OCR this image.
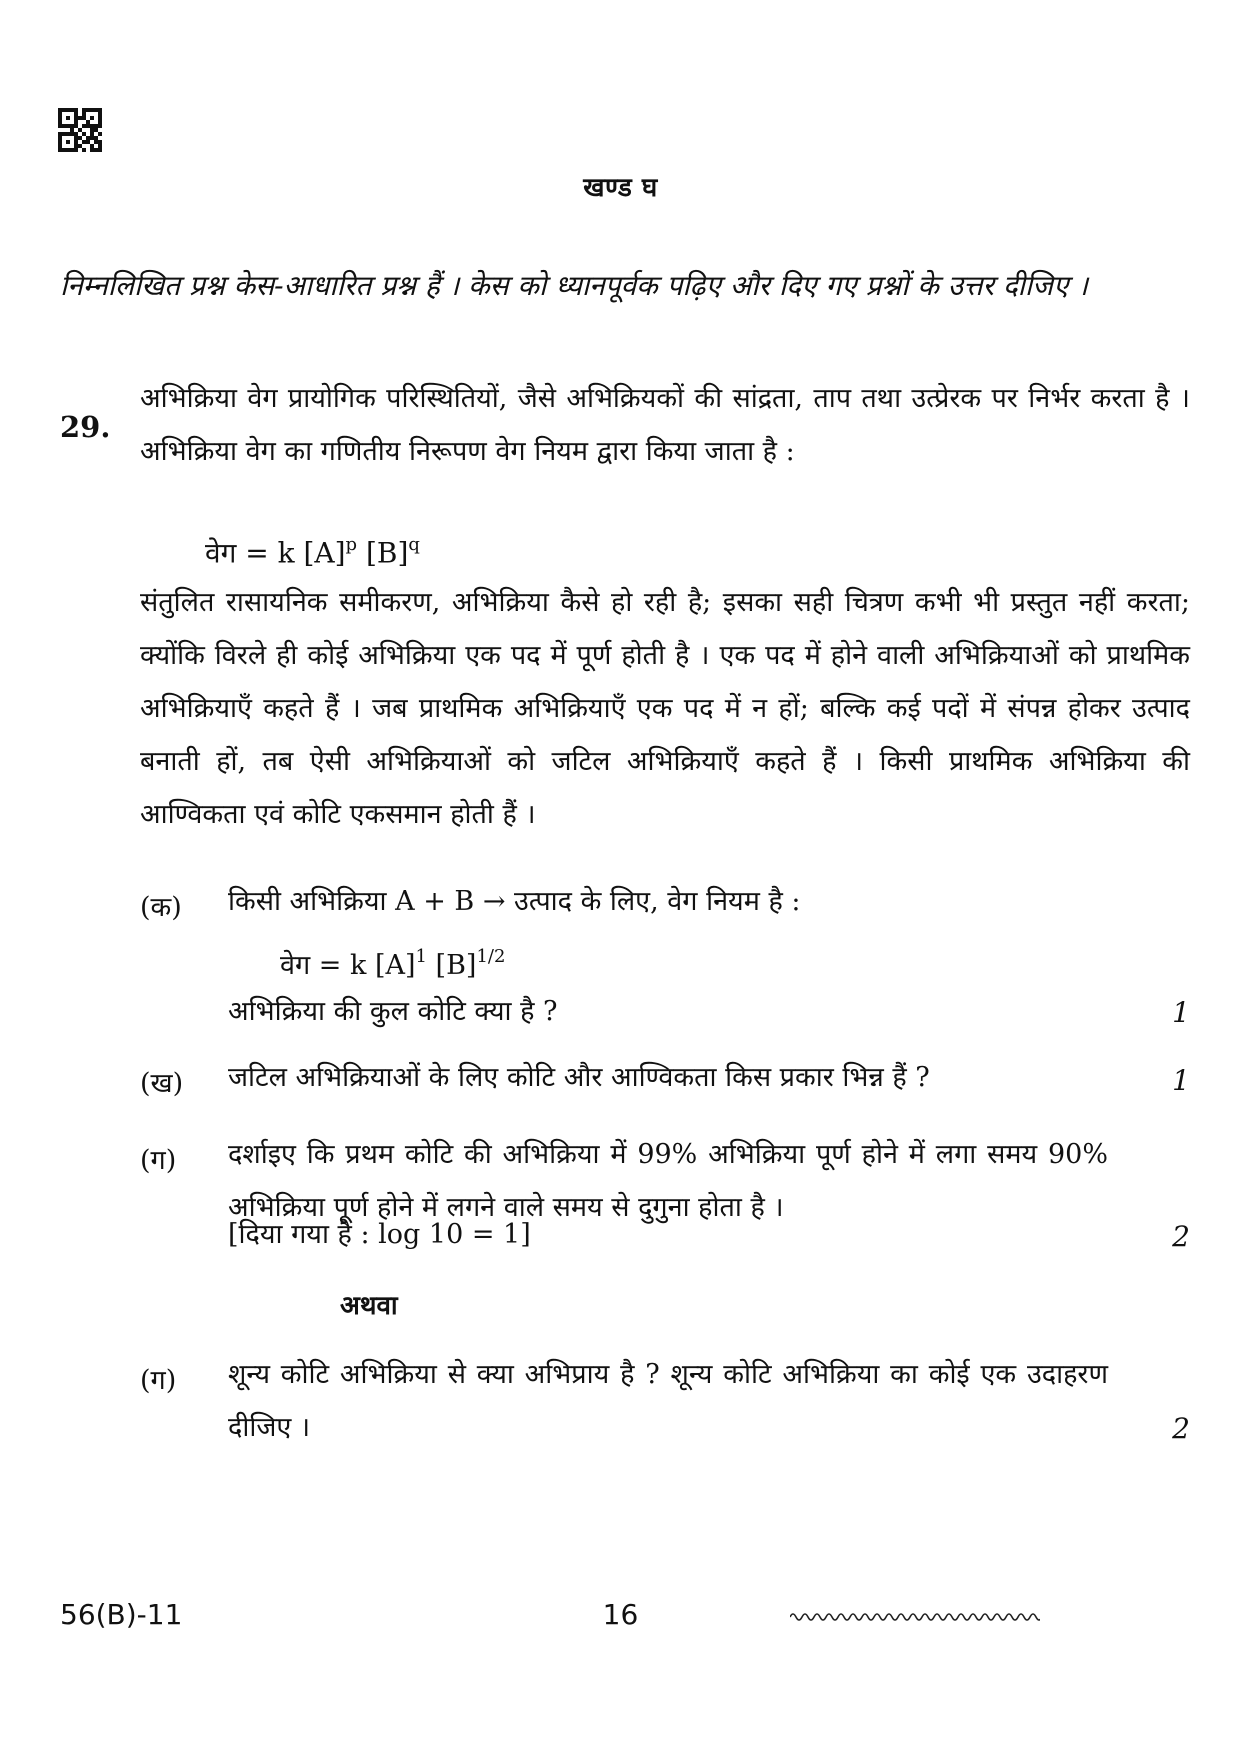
खण्ड घ
निम्नलिखित प्रश्न केस-आधारित प्रश्न हैं । केस को ध्यानपूर्वक पढ़िए और दिए गए प्रश्नों के उत्तर दीजिए ।
29.
अभिक्रिया वेग प्रायोगिक परिस्थितियों, जैसे अभिक्रियकों की सांद्रता, ताप तथा उत्प्रेरक पर निर्भर करता है । अभिक्रिया वेग का गणितीय निरूपण वेग नियम द्वारा किया जाता है :
वेग = k $[A]^p$ $[B]^q$
संतुलित रासायनिक समीकरण, अभिक्रिया कैसे हो रही है; इसका सही चित्रण कभी भी प्रस्तुत नहीं करता; क्योंकि विरले ही कोई अभिक्रिया एक पद में पूर्ण होती है । एक पद में होने वाली अभिक्रियाओं को प्राथमिक अभिक्रियाएँ कहते हैं । जब प्राथमिक अभिक्रियाएँ एक पद में न हों; बल्कि कई पदों में संपन्न होकर उत्पाद बनाती हों, तब ऐसी अभिक्रियाओं को जटिल अभिक्रियाएँ कहते हैं । किसी प्राथमिक अभिक्रिया की आण्विकता एवं कोटि एकसमान होती हैं ।
(क) किसी अभिक्रिया A + B → उत्पाद के लिए, वेग नियम है :
वेग = k $[A]^1$ $[B]^{1/2}$
अभिक्रिया की कुल कोटि क्या है ?	1
(ख) जटिल अभिक्रियाओं के लिए कोटि और आण्विकता किस प्रकार भिन्न हैं ?	1
(ग) दर्शाइए कि प्रथम कोटि की अभिक्रिया में 99% अभिक्रिया पूर्ण होने में लगा समय 90% अभिक्रिया पूर्ण होने में लगने वाले समय से दुगुना होता है ।
[दिया गया है : log 10 = 1]	2
अथवा
(ग) शून्य कोटि अभिक्रिया से क्या अभिप्राय है ? शून्य कोटि अभिक्रिया का कोई एक उदाहरण दीजिए ।	2
56(B)-11	16
